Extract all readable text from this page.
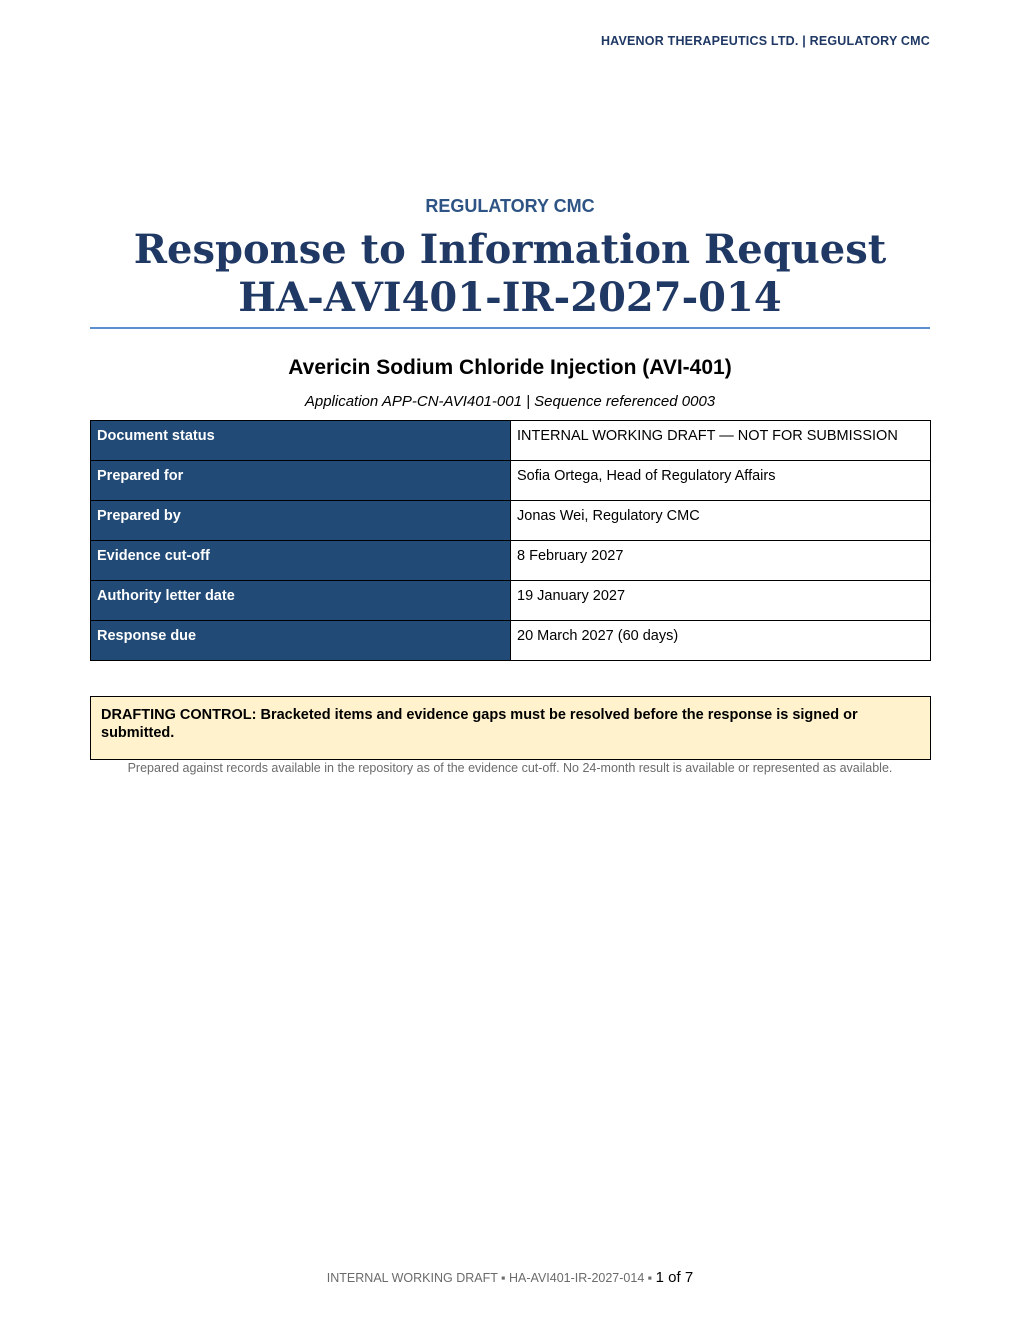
HAVENOR THERAPEUTICS LTD. | REGULATORY CMC
REGULATORY CMC
Response to Information Request
HA-AVI401-IR-2027-014
Avericin Sodium Chloride Injection (AVI-401)
Application APP-CN-AVI401-001 | Sequence referenced 0003
Document status	INTERNAL WORKING DRAFT — NOT FOR SUBMISSION
Prepared for	Sofia Ortega, Head of Regulatory Affairs
Prepared by	Jonas Wei, Regulatory CMC
Evidence cut-off	8 February 2027
Authority letter date	19 January 2027
Response due	20 March 2027 (60 days)
DRAFTING CONTROL: Bracketed items and evidence gaps must be resolved before the response is signed or submitted.
Prepared against records available in the repository as of the evidence cut-off. No 24-month result is available or represented as available.
INTERNAL WORKING DRAFT ▪ HA-AVI401-IR-2027-014 ▪ 1 of 7
